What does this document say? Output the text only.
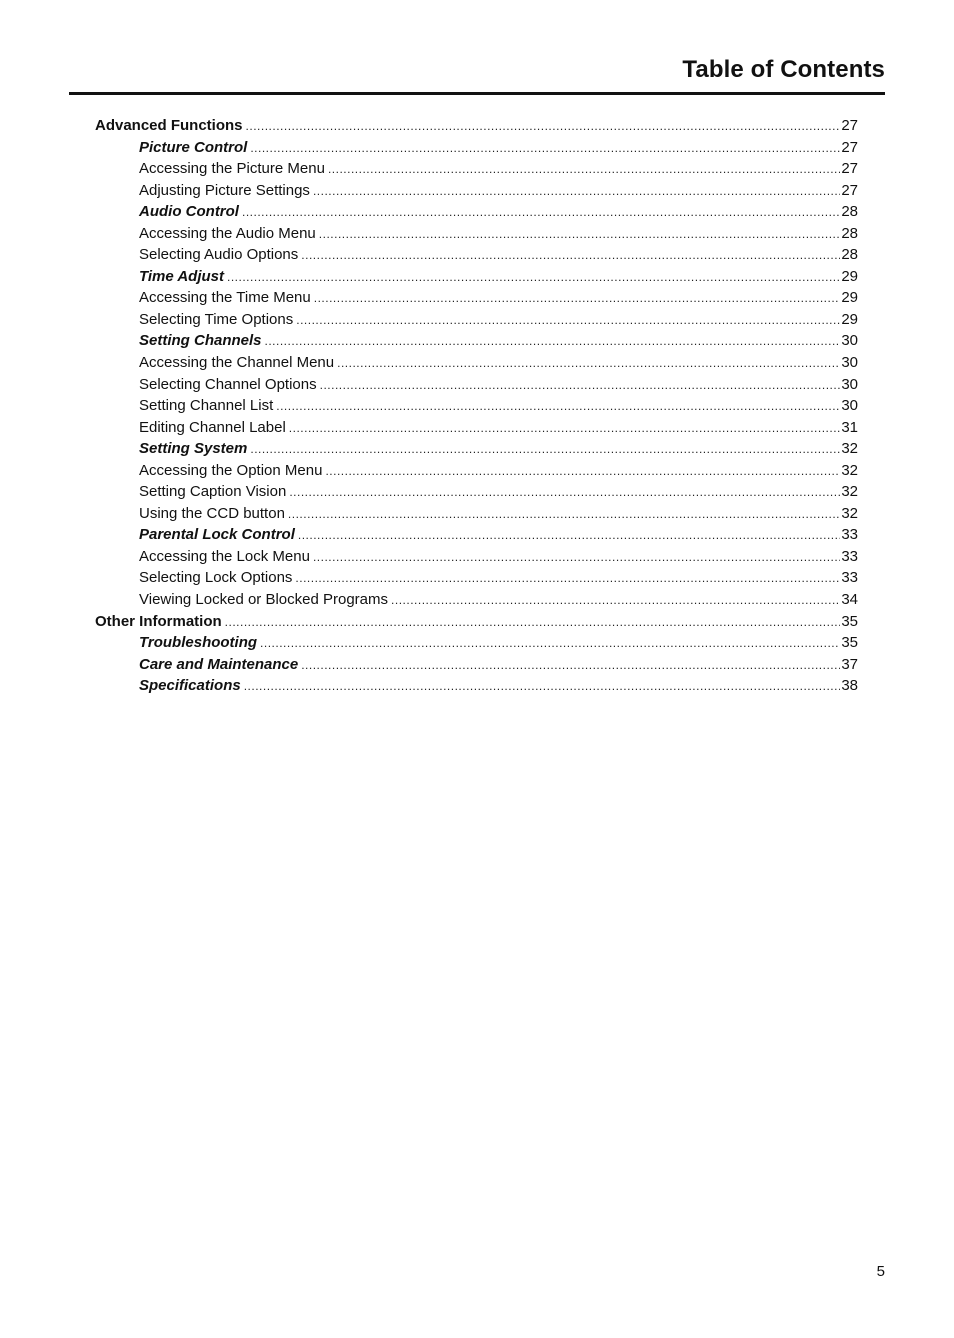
Table of Contents
Advanced Functions .....	27
Picture Control .....	27
Accessing the Picture Menu .....	27
Adjusting Picture Settings .....	27
Audio Control .....	28
Accessing the Audio Menu .....	28
Selecting Audio Options .....	28
Time Adjust .....	29
Accessing the Time Menu .....	29
Selecting Time Options .....	29
Setting Channels .....	30
Accessing the Channel Menu .....	30
Selecting Channel Options .....	30
Setting Channel List .....	30
Editing Channel Label .....	31
Setting System .....	32
Accessing the Option Menu .....	32
Setting Caption Vision .....	32
Using the CCD button .....	32
Parental Lock Control .....	33
Accessing the Lock Menu .....	33
Selecting Lock Options .....	33
Viewing Locked or Blocked Programs .....	34
Other Information .....	35
Troubleshooting .....	35
Care and Maintenance .....	37
Specifications .....	38
5
